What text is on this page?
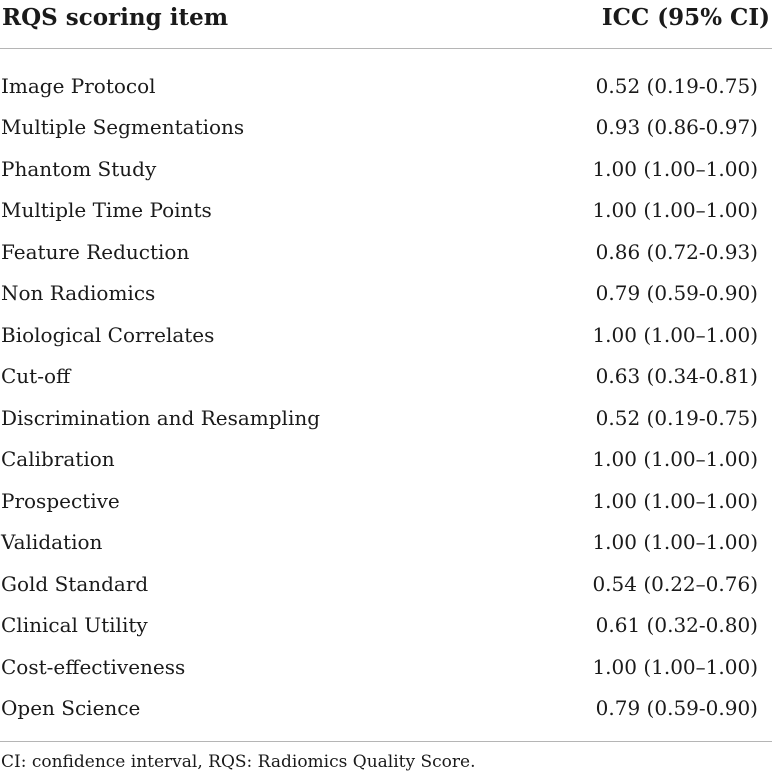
RQS scoring item	ICC (95% CI)
Image Protocol	0.52 (0.19-0.75)
Multiple Segmentations	0.93 (0.86-0.97)
Phantom Study	1.00 (1.00–1.00)
Multiple Time Points	1.00 (1.00–1.00)
Feature Reduction	0.86 (0.72-0.93)
Non Radiomics	0.79 (0.59-0.90)
Biological Correlates	1.00 (1.00–1.00)
Cut-off	0.63 (0.34-0.81)
Discrimination and Resampling	0.52 (0.19-0.75)
Calibration	1.00 (1.00–1.00)
Prospective	1.00 (1.00–1.00)
Validation	1.00 (1.00–1.00)
Gold Standard	0.54 (0.22–0.76)
Clinical Utility	0.61 (0.32-0.80)
Cost-effectiveness	1.00 (1.00–1.00)
Open Science	0.79 (0.59-0.90)
CI: confidence interval, RQS: Radiomics Quality Score.
